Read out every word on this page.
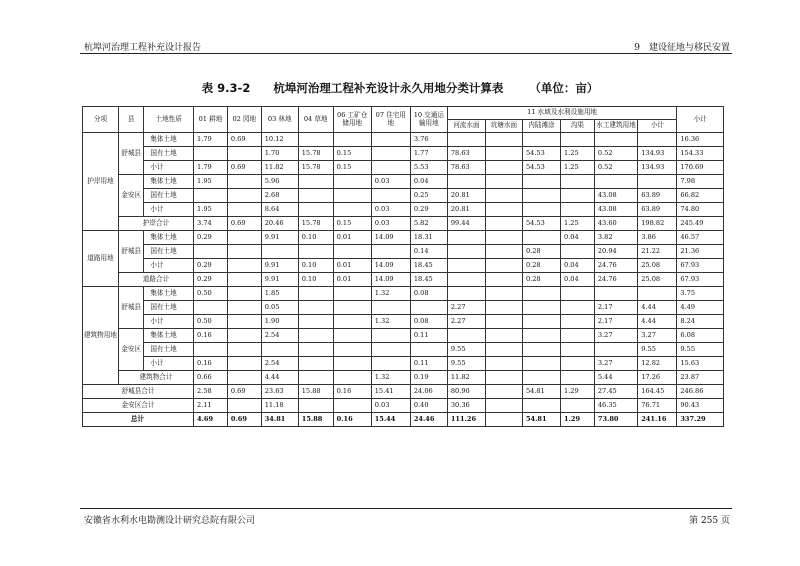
杭埠河治理工程补充设计报告	9　建设征地与移民安置
表 9.3-2　　杭埠河治理工程补充设计永久用地分类计算表 （单位：亩）
分项	县	土地性质	01 耕地	02 园地	03 林地	04 草地	06 工矿仓储用地	07 住宅用地	10 交通运输用地	11 水域及水利设施用地						小计
										河流水面	坑塘水面	内陆滩涂	沟渠	水工建筑用地	小计	
护岸用地	舒城县	集体土地	1.79	0.69	10.12				3.76							16.36
		国有土地			1.70	15.78	0.15		1.77	78.63		54.53	1.25	0.52	134.93	154.33
		小计	1.79	0.69	11.82	15.78	0.15		5.53	78.63		54.53	1.25	0.52	134.93	170.69
	金安区	集体土地	1.95		5.96			0.03	0.04							7.98
		国有土地			2.68				0.25	20.81				43.08	63.89	66.82
		小计	1.95		8.64			0.03	0.29	20.81				43.08	63.89	74.80
	护岸合计		3.74	0.69	20.46	15.78	0.15	0.03	5.82	99.44		54.53	1.25	43.60	198.82	245.49
道路用地	舒城县	集体土地	0.29		9.91	0.10	0.01	14.09	18.31				0.04	3.82	3.86	46.57
		国有土地							0.14			0.28		20.94	21.22	21.36
		小计	0.29		9.91	0.10	0.01	14.09	18.45			0.28	0.04	24.76	25.08	67.93
	道路合计		0.29		9.91	0.10	0.01	14.09	18.45			0.28	0.04	24.76	25.08	67.93
建筑物用地	舒城县	集体土地	0.50		1.85			1.32	0.08							3.75
		国有土地			0.05					2.27				2.17	4.44	4.49
		小计	0.50		1.90			1.32	0.08	2.27				2.17	4.44	8.24
	金安区	集体土地	0.16		2.54				0.11					3.27	3.27	6.08
		国有土地								9.55					9.55	9.55
		小计	0.16		2.54				0.11	9.55				3.27	12.82	15.63
	建筑物合计		0.66		4.44			1.32	0.19	11.82				5.44	17.26	23.87
舒城县合计			2.58	0.69	23.63	15.88	0.16	15.41	24.06	80.90		54.81	1.29	27.45	164.45	246.86
金安区合计			2.11		11.18			0.03	0.40	30.36				46.35	76.71	90.43
总计			4.69	0.69	34.81	15.88	0.16	15.44	24.46	111.26		54.81	1.29	73.80	241.16	337.29
安徽省水利水电勘测设计研究总院有限公司	第 255 页
